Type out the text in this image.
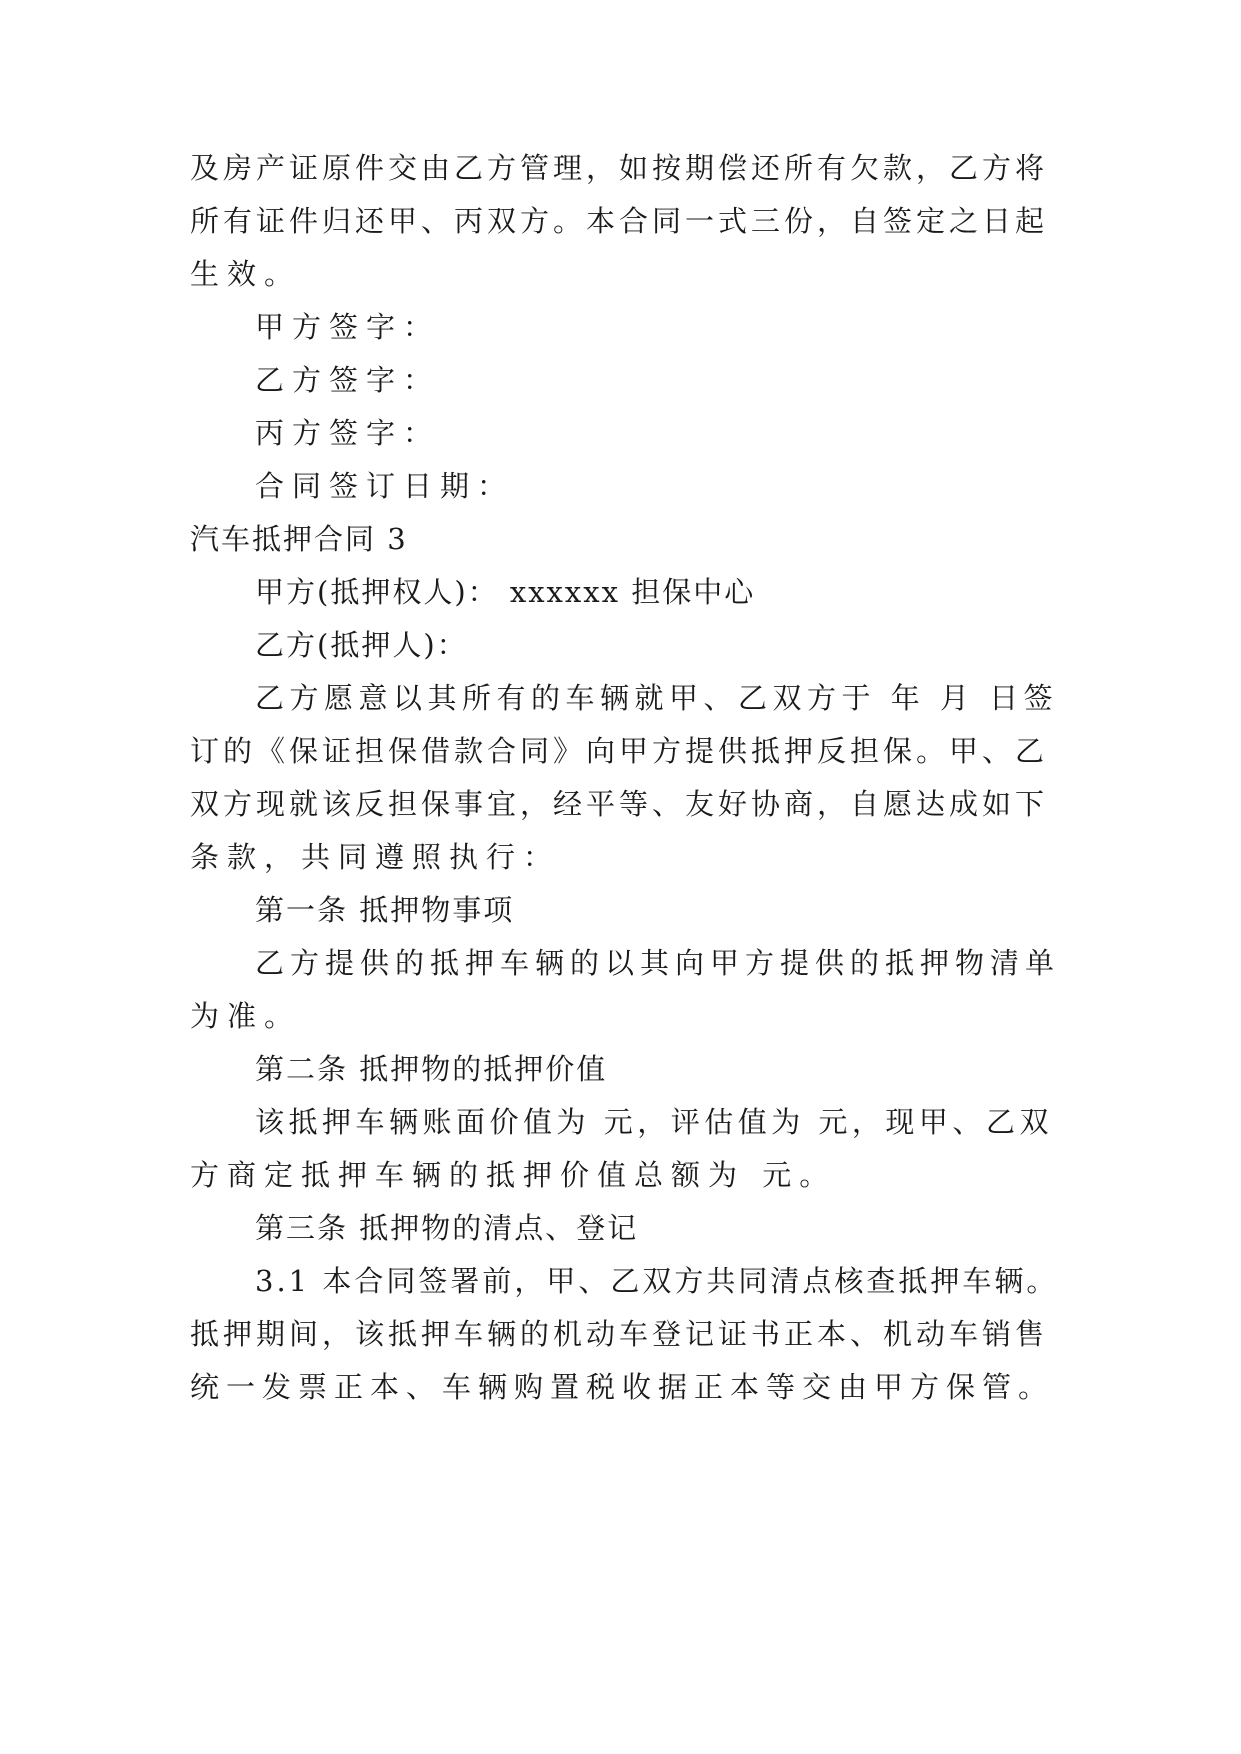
及房产证原件交由乙方管理，如按期偿还所有欠款，乙方将
所有证件归还甲、丙双方。本合同一式三份，自签定之日起
生效。
甲方签字：
乙方签字：
丙方签字：
合同签订日期：
汽车抵押合同 3
甲方(抵押权人)： xxxxxx 担保中心
乙方(抵押人)：
乙方愿意以其所有的车辆就甲、乙双方于 年 月 日签
订的《保证担保借款合同》向甲方提供抵押反担保。甲、乙
双方现就该反担保事宜，经平等、友好协商，自愿达成如下
条款，共同遵照执行：
第一条 抵押物事项
乙方提供的抵押车辆的以其向甲方提供的抵押物清单
为准。
第二条 抵押物的抵押价值
该抵押车辆账面价值为 元，评估值为 元，现甲、乙双
方商定抵押车辆的抵押价值总额为 元。
第三条 抵押物的清点、登记
3.1 本合同签署前，甲、乙双方共同清点核查抵押车辆。
抵押期间，该抵押车辆的机动车登记证书正本、机动车销售
统一发票正本、车辆购置税收据正本等交由甲方保管。
